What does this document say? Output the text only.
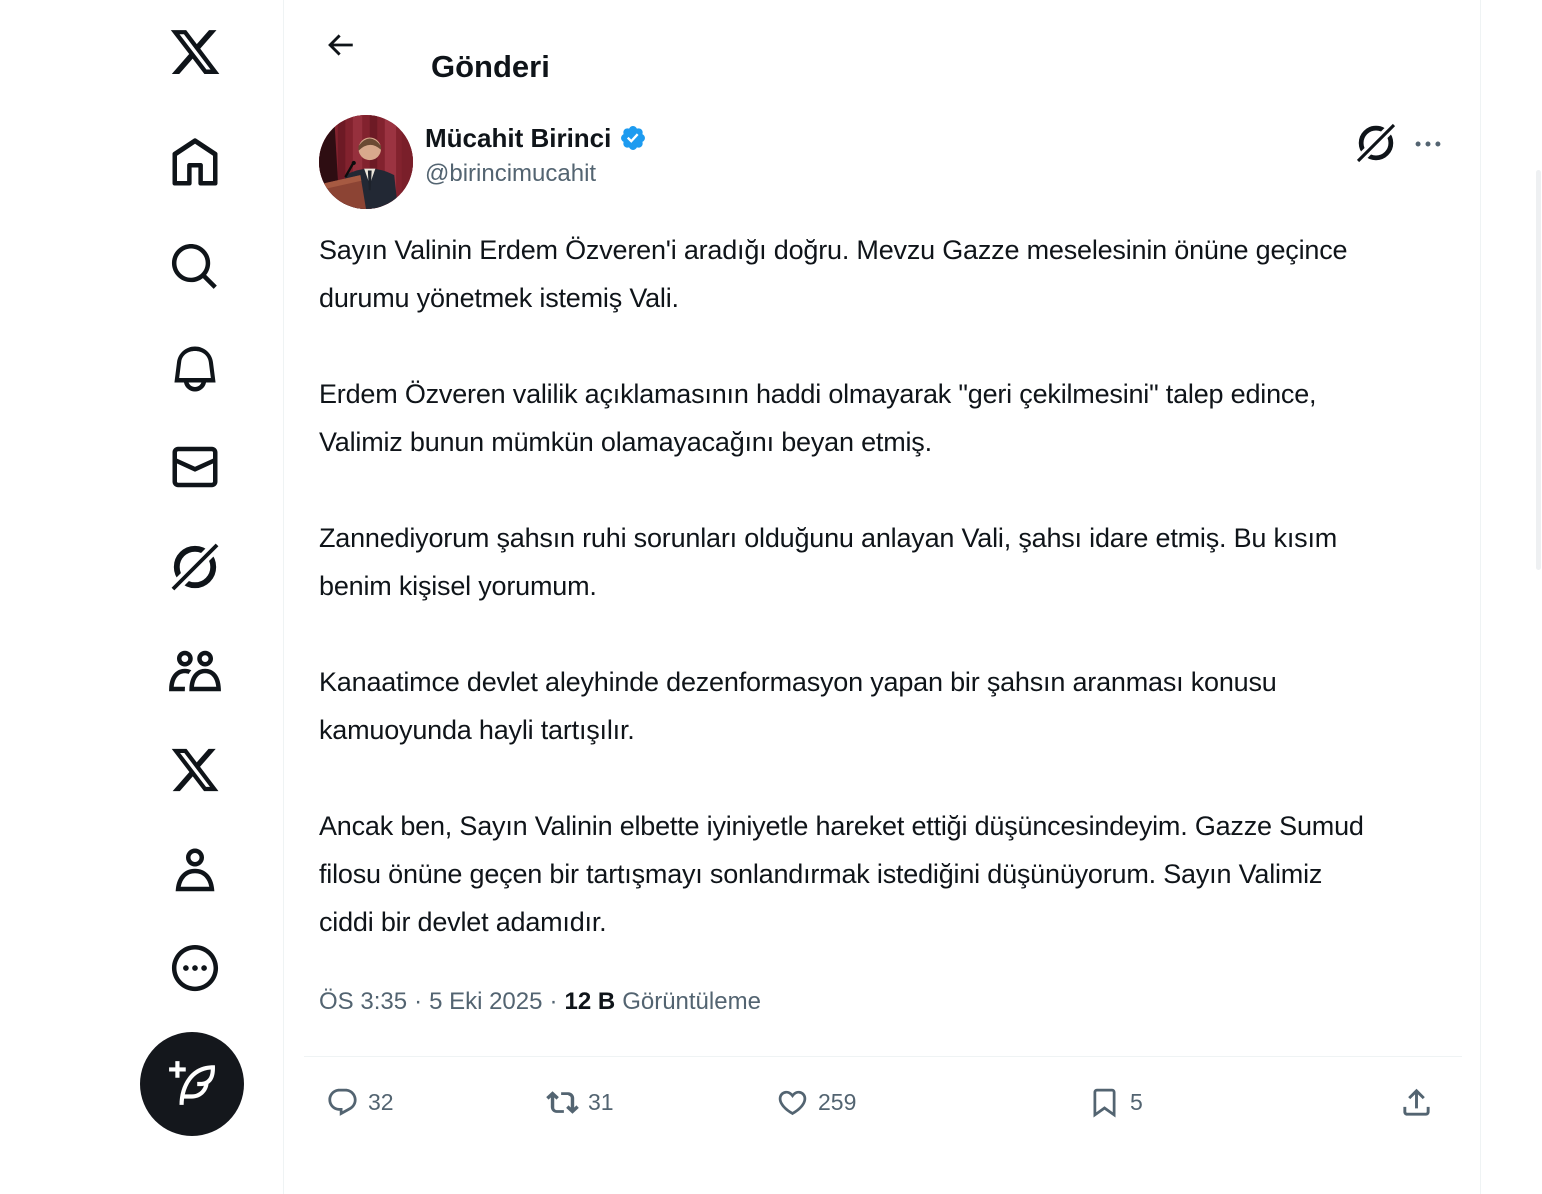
Gönderi
Mücahit Birinci
@birincimucahit

Sayın Valinin Erdem Özveren'i aradığı doğru. Mevzu Gazze meselesinin önüne geçince durumu yönetmek istemiş Vali.

Erdem Özveren valilik açıklamasının haddi olmayarak "geri çekilmesini" talep edince, Valimiz bunun mümkün olamayacağını beyan etmiş.

Zannediyorum şahsın ruhi sorunları olduğunu anlayan Vali, şahsı idare etmiş. Bu kısım benim kişisel yorumum.

Kanaatimce devlet aleyhinde dezenformasyon yapan bir şahsın aranması konusu kamuoyunda hayli tartışılır.

Ancak ben, Sayın Valinin elbette iyiniyetle hareket ettiği düşüncesindeyim. Gazze Sumud filosu önüne geçen bir tartışmayı sonlandırmak istediğini düşünüyorum. Sayın Valimiz ciddi bir devlet adamıdır.

ÖS 3:35 · 5 Eki 2025 · 12 B Görüntüleme
32	31	259	5
